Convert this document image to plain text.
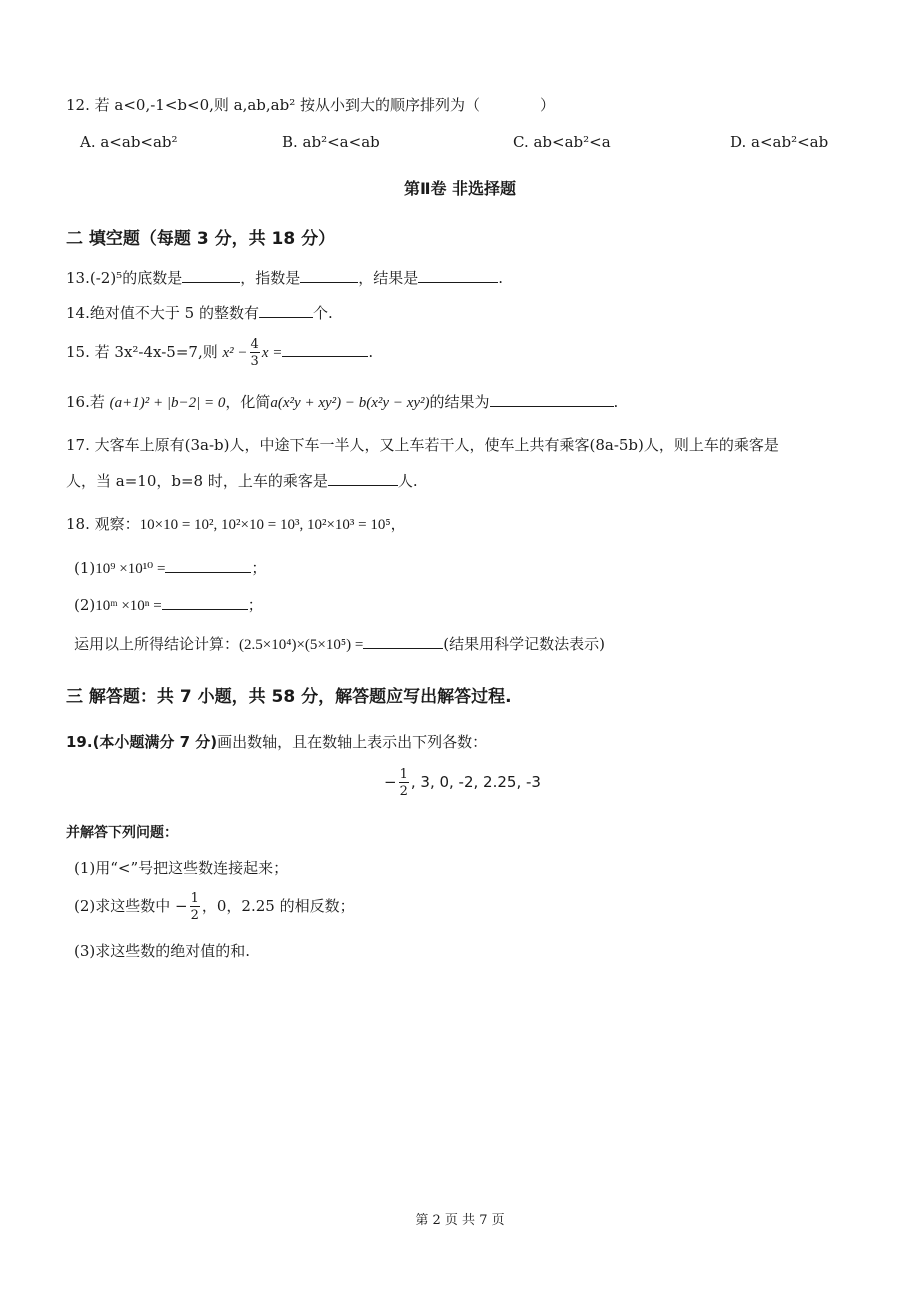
12. 若 a<0,-1<b<0,则 a,ab,ab² 按从小到大的顺序排列为（　　　　）
A. a<ab<ab²	B. ab²<a<ab	C. ab<ab²<a	D. a<ab²<ab
第Ⅱ卷 非选择题
二 填空题（每题 3 分，共 18 分）
13.(-2)⁵的底数是	，指数是	，结果是	.
14.绝对值不大于 5 的整数有	个.
15. 若 3x²-4x-5=7,则 $x^2 - \frac{4}{3}$ x =	.
16.若 (a+1)² + |b−2| = 0，化简a(x²y + xy²) − b(x²y − xy²)的结果为	.
17. 大客车上原有(3a-b)人，中途下车一半人，又上车若干人，使车上共有乘客(8a-5b)人，则上车的乘客是
人，当 a=10，b=8 时，上车的乘客是	人.
18. 观察：10×10 = 10², 10²×10 = 10³, 10²×10³ = 10⁵，
(1)10⁹ ×10¹⁰ =	；
(2)10ᵐ ×10ⁿ =	；
运用以上所得结论计算：(2.5×10⁴)×(5×10⁵) =	(结果用科学记数法表示)
三 解答题：共 7 小题，共 58 分，解答题应写出解答过程.
19.(本小题满分 7 分)画出数轴，且在数轴上表示出下列各数：
− $\frac{1}{2}$ , 3, 0, -2, 2.25, -3
并解答下列问题：
(1)用“<”号把这些数连接起来；
(2)求这些数中 − $\frac{1}{2}$ ，0，2.25 的相反数；
(3)求这些数的绝对值的和.
第 2 页 共 7 页
